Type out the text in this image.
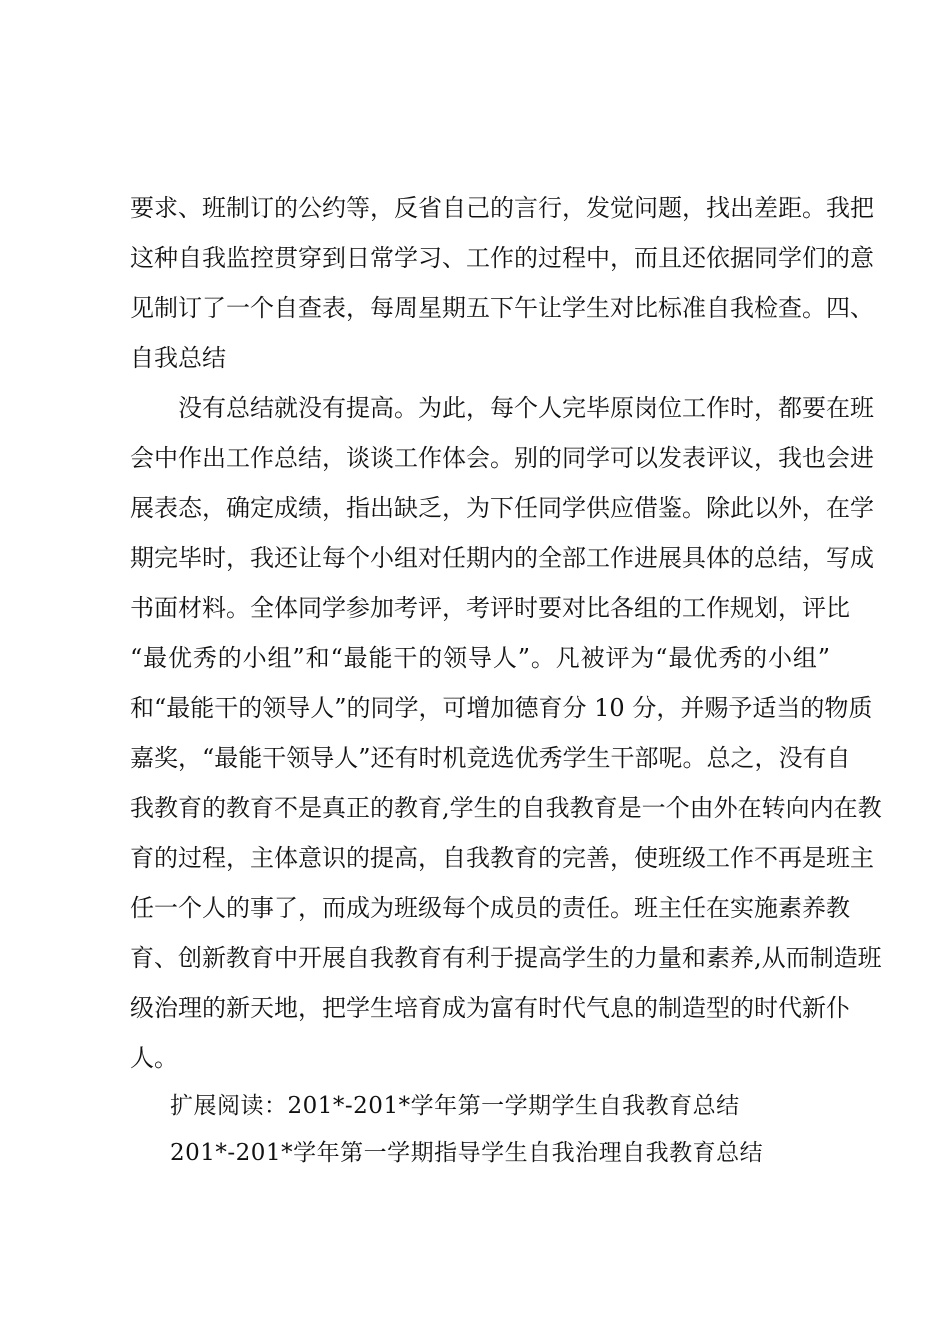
要求、班制订的公约等，反省自己的言行，发觉问题，找出差距。我把
这种自我监控贯穿到日常学习、工作的过程中，而且还依据同学们的意
见制订了一个自查表，每周星期五下午让学生对比标准自我检查。四、
自我总结
没有总结就没有提高。为此，每个人完毕原岗位工作时，都要在班
会中作出工作总结，谈谈工作体会。别的同学可以发表评议，我也会进
展表态，确定成绩，指出缺乏，为下任同学供应借鉴。除此以外，在学
期完毕时，我还让每个小组对任期内的全部工作进展具体的总结，写成
书面材料。全体同学参加考评，考评时要对比各组的工作规划，评比
“最优秀的小组”和“最能干的领导人”。凡被评为“最优秀的小组”
和“最能干的领导人”的同学，可增加德育分 10 分，并赐予适当的物质
嘉奖，“最能干领导人”还有时机竞选优秀学生干部呢。总之，没有自
我教育的教育不是真正的教育,学生的自我教育是一个由外在转向内在教
育的过程，主体意识的提高，自我教育的完善，使班级工作不再是班主
任一个人的事了，而成为班级每个成员的责任。班主任在实施素养教
育、创新教育中开展自我教育有利于提高学生的力量和素养,从而制造班
级治理的新天地，把学生培育成为富有时代气息的制造型的时代新仆
人。
扩展阅读：201*-201*学年第一学期学生自我教育总结
201*-201*学年第一学期指导学生自我治理自我教育总结
